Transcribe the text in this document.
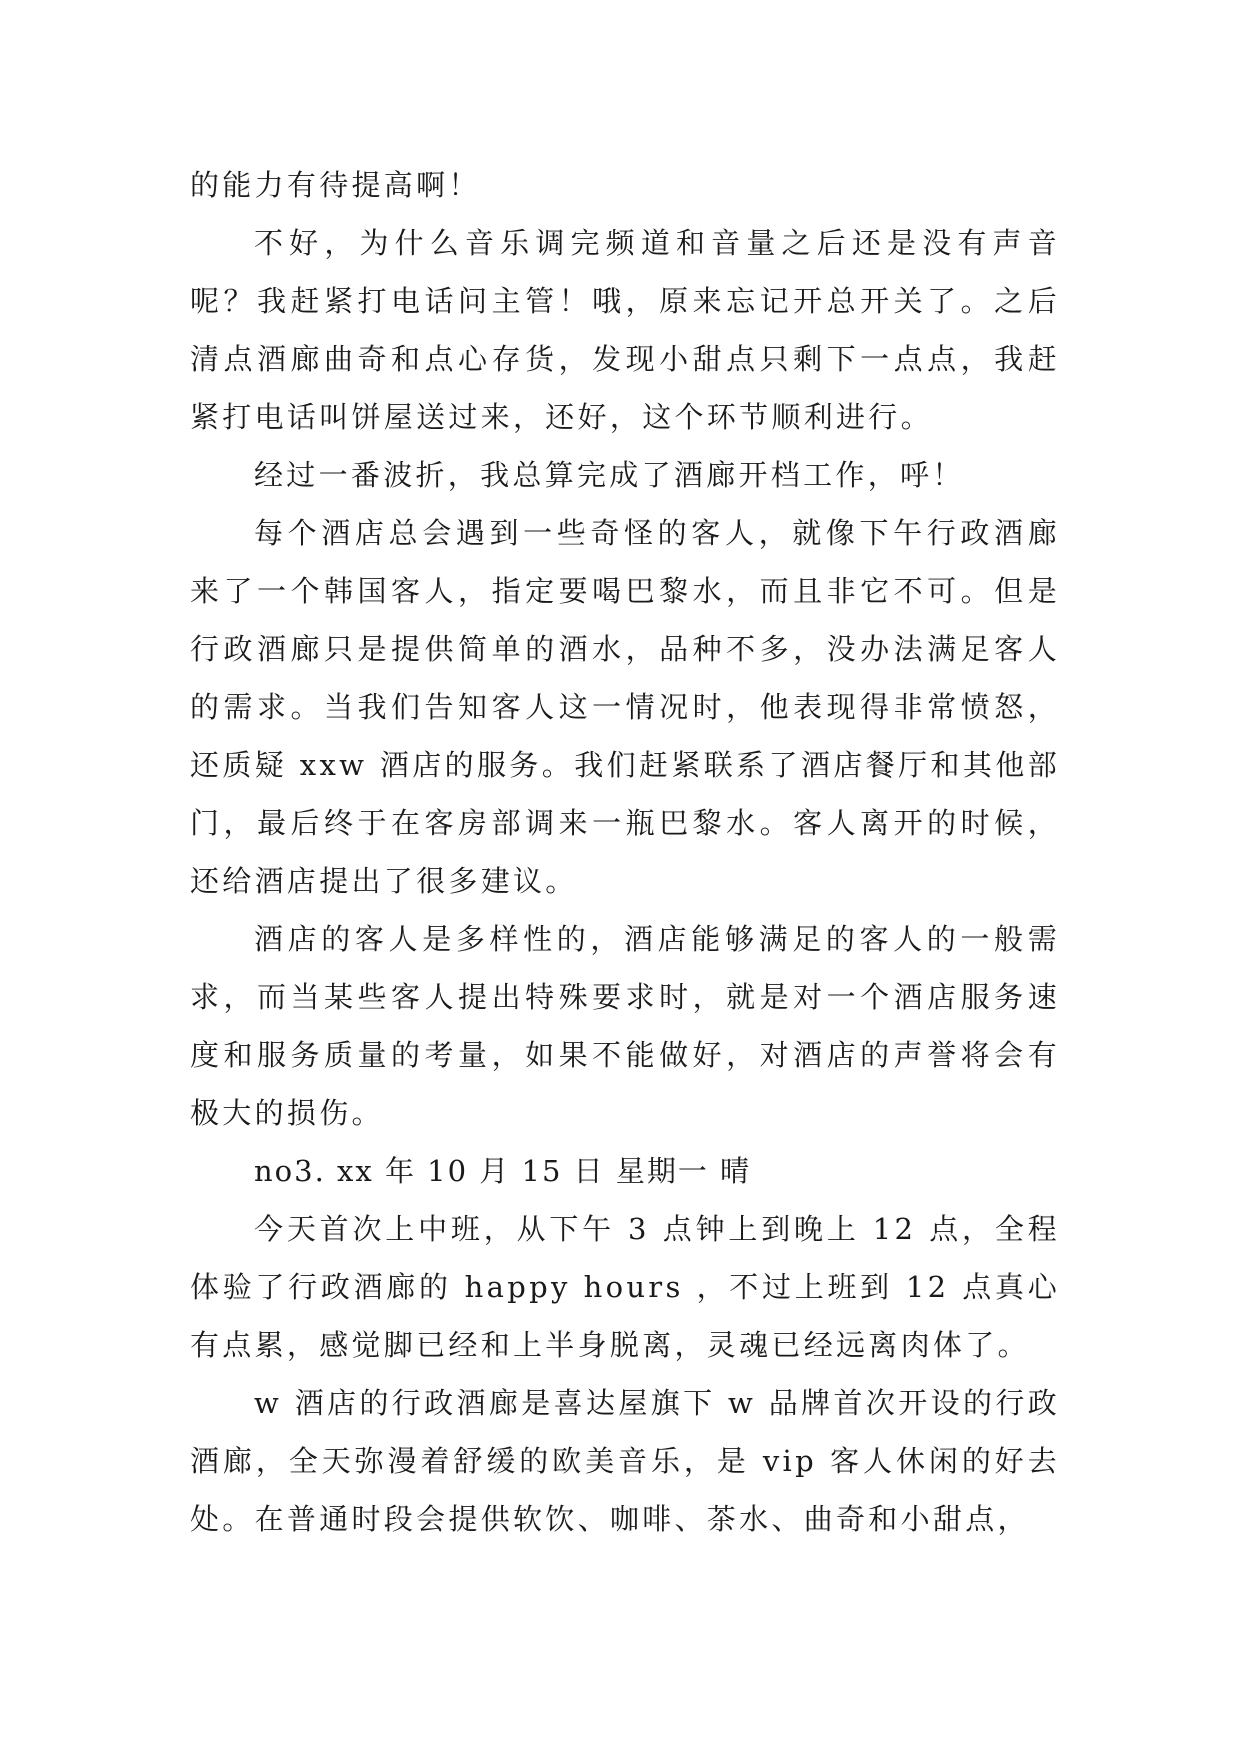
的能力有待提高啊！

不好，为什么音乐调完频道和音量之后还是没有声音呢？我赶紧打电话问主管！哦，原来忘记开总开关了。之后清点酒廊曲奇和点心存货，发现小甜点只剩下一点点，我赶紧打电话叫饼屋送过来，还好，这个环节顺利进行。

经过一番波折，我总算完成了酒廊开档工作，呼！

每个酒店总会遇到一些奇怪的客人，就像下午行政酒廊来了一个韩国客人，指定要喝巴黎水，而且非它不可。但是行政酒廊只是提供简单的酒水，品种不多，没办法满足客人的需求。当我们告知客人这一情况时，他表现得非常愤怒，还质疑 xxw 酒店的服务。我们赶紧联系了酒店餐厅和其他部门，最后终于在客房部调来一瓶巴黎水。客人离开的时候，还给酒店提出了很多建议。

酒店的客人是多样性的，酒店能够满足的客人的一般需求，而当某些客人提出特殊要求时，就是对一个酒店服务速度和服务质量的考量，如果不能做好，对酒店的声誉将会有极大的损伤。

no3. xx 年 10 月 15 日 星期一 晴

今天首次上中班，从下午 3 点钟上到晚上 12 点，全程体验了行政酒廊的 happy hours ，不过上班到 12 点真心有点累，感觉脚已经和上半身脱离，灵魂已经远离肉体了。

w 酒店的行政酒廊是喜达屋旗下 w 品牌首次开设的行政酒廊，全天弥漫着舒缓的欧美音乐，是 vip 客人休闲的好去处。在普通时段会提供软饮、咖啡、茶水、曲奇和小甜点，
